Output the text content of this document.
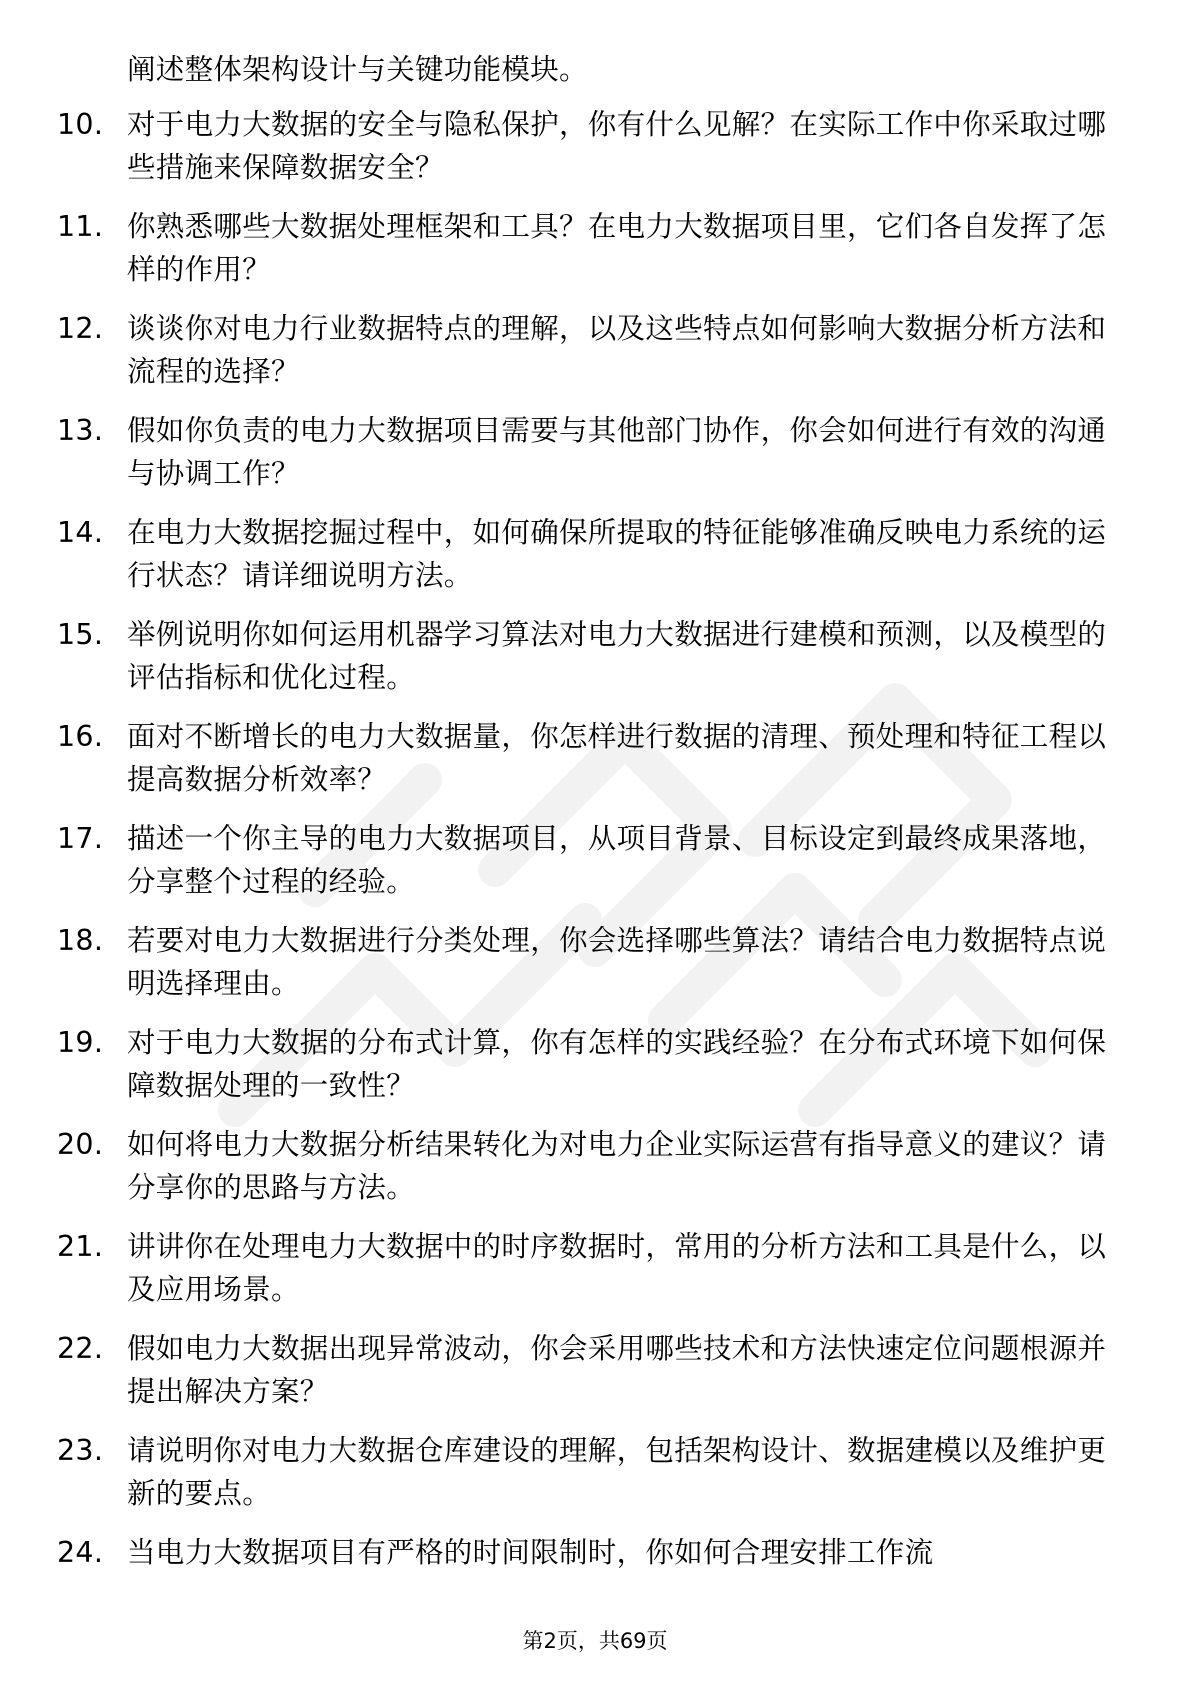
阐述整体架构设计与关键功能模块。
10. 对于电力大数据的安全与隐私保护，你有什么见解？在实际工作中你采取过哪些措施来保障数据安全？
11. 你熟悉哪些大数据处理框架和工具？在电力大数据项目里，它们各自发挥了怎样的作用？
12. 谈谈你对电力行业数据特点的理解，以及这些特点如何影响大数据分析方法和流程的选择？
13. 假如你负责的电力大数据项目需要与其他部门协作，你会如何进行有效的沟通与协调工作？
14. 在电力大数据挖掘过程中，如何确保所提取的特征能够准确反映电力系统的运行状态？请详细说明方法。
15. 举例说明你如何运用机器学习算法对电力大数据进行建模和预测，以及模型的评估指标和优化过程。
16. 面对不断增长的电力大数据量，你怎样进行数据的清理、预处理和特征工程以提高数据分析效率？
17. 描述一个你主导的电力大数据项目，从项目背景、目标设定到最终成果落地，分享整个过程的经验。
18. 若要对电力大数据进行分类处理，你会选择哪些算法？请结合电力数据特点说明选择理由。
19. 对于电力大数据的分布式计算，你有怎样的实践经验？在分布式环境下如何保障数据处理的一致性？
20. 如何将电力大数据分析结果转化为对电力企业实际运营有指导意义的建议？请分享你的思路与方法。
21. 讲讲你在处理电力大数据中的时序数据时，常用的分析方法和工具是什么，以及应用场景。
22. 假如电力大数据出现异常波动，你会采用哪些技术和方法快速定位问题根源并提出解决方案？
23. 请说明你对电力大数据仓库建设的理解，包括架构设计、数据建模以及维护更新的要点。
24. 当电力大数据项目有严格的时间限制时，你如何合理安排工作流
第2页，共69页
